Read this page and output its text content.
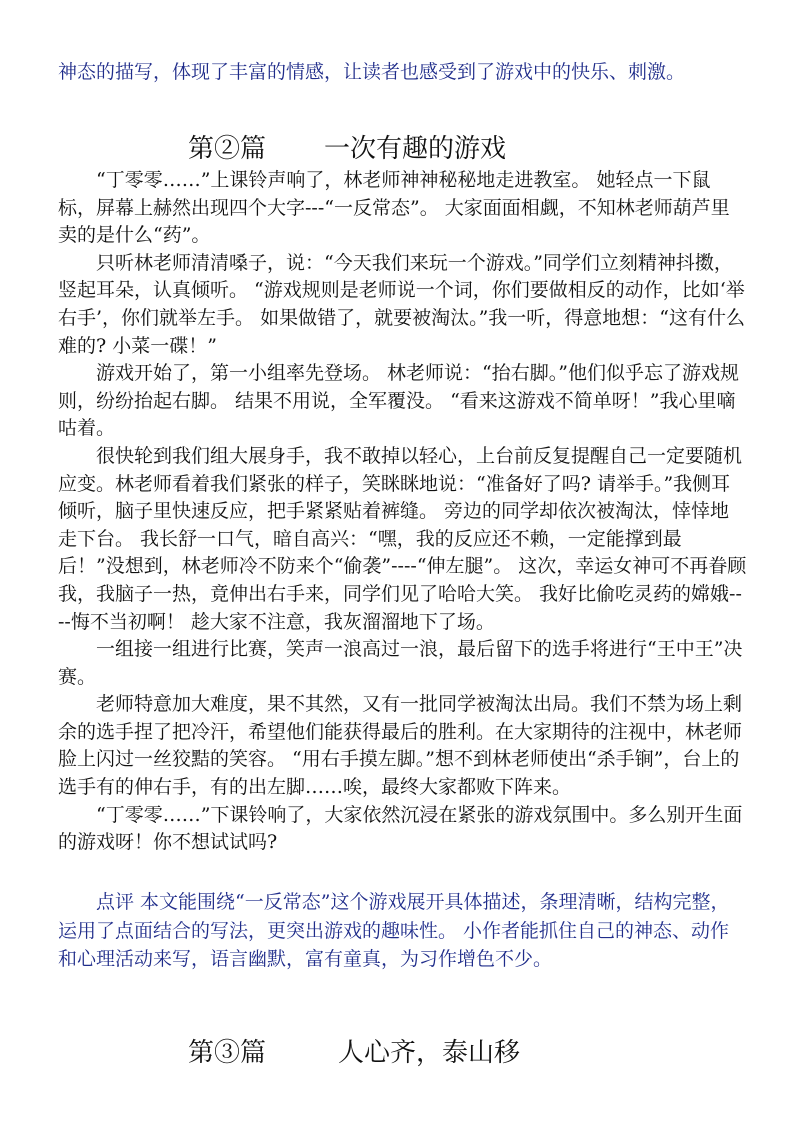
神态的描写，体现了丰富的情感，让读者也感受到了游戏中的快乐、刺激。

第②篇 一次有趣的游戏

“丁零零……”上课铃声响了，林老师神神秘秘地走进教室。 她轻点一下鼠标，屏幕上赫然出现四个大字---“一反常态”。 大家面面相觑，不知林老师葫芦里卖的是什么“药”。

只听林老师清清嗓子，说：“今天我们来玩一个游戏。”同学们立刻精神抖擞，竖起耳朵，认真倾听。 “游戏规则是老师说一个词，你们要做相反的动作，比如‘举右手’，你们就举左手。 如果做错了，就要被淘汰。”我一听，得意地想：“这有什么难的? 小菜一碟！”

游戏开始了，第一小组率先登场。 林老师说：“抬右脚。”他们似乎忘了游戏规则，纷纷抬起右脚。 结果不用说，全军覆没。 “看来这游戏不简单呀！”我心里嘀咕着。

很快轮到我们组大展身手，我不敢掉以轻心，上台前反复提醒自己一定要随机应变。林老师看着我们紧张的样子，笑眯眯地说：“准备好了吗? 请举手。”我侧耳倾听，脑子里快速反应，把手紧紧贴着裤缝。 旁边的同学却依次被淘汰，悻悻地走下台。 我长舒一口气，暗自高兴：“嘿，我的反应还不赖，一定能撑到最后！”没想到，林老师冷不防来个“偷袭”----“伸左腿”。 这次，幸运女神可不再眷顾我，我脑子一热，竟伸出右手来，同学们见了哈哈大笑。 我好比偷吃灵药的嫦娥----悔不当初啊！ 趁大家不注意，我灰溜溜地下了场。

一组接一组进行比赛，笑声一浪高过一浪，最后留下的选手将进行“王中王”决赛。

老师特意加大难度，果不其然，又有一批同学被淘汰出局。我们不禁为场上剩余的选手捏了把冷汗，希望他们能获得最后的胜利。在大家期待的注视中，林老师脸上闪过一丝狡黠的笑容。 “用右手摸左脚。”想不到林老师使出“杀手锏”，台上的选手有的伸右手，有的出左脚……唉，最终大家都败下阵来。

“丁零零……”下课铃响了，大家依然沉浸在紧张的游戏氛围中。多么别开生面的游戏呀！你不想试试吗?

点评 本文能围绕“一反常态”这个游戏展开具体描述，条理清晰，结构完整，运用了点面结合的写法，更突出游戏的趣味性。 小作者能抓住自己的神态、动作和心理活动来写，语言幽默，富有童真，为习作增色不少。

第③篇	人心齐，泰山移
